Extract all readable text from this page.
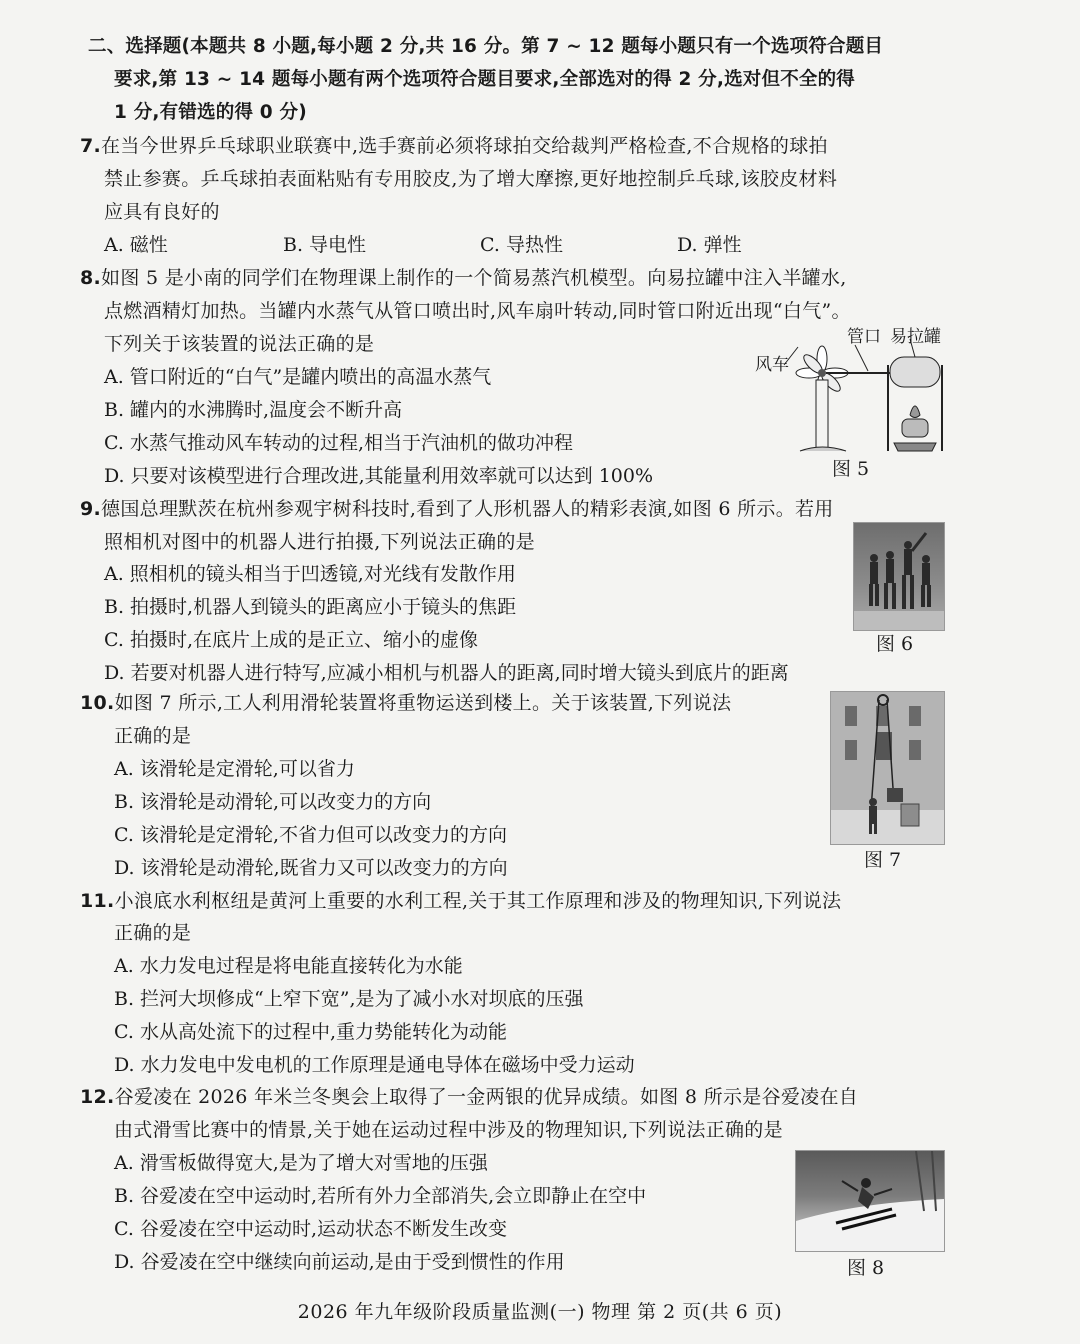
二、选择题(本题共 8 小题,每小题 2 分,共 16 分。第 7 ~ 12 题每小题只有一个选项符合题目
要求,第 13 ~ 14 题每小题有两个选项符合题目要求,全部选对的得 2 分,选对但不全的得
1 分,有错选的得 0 分)
7.在当今世界乒乓球职业联赛中,选手赛前必须将球拍交给裁判严格检查,不合规格的球拍
禁止参赛。乒乓球拍表面粘贴有专用胶皮,为了增大摩擦,更好地控制乒乓球,该胶皮材料
应具有良好的
A. 磁性	B. 导电性	C. 导热性	D. 弹性
8.如图 5 是小南的同学们在物理课上制作的一个简易蒸汽机模型。向易拉罐中注入半罐水,
点燃酒精灯加热。当罐内水蒸气从管口喷出时,风车扇叶转动,同时管口附近出现“白气”。
下列关于该装置的说法正确的是
A. 管口附近的“白气”是罐内喷出的高温水蒸气
B. 罐内的水沸腾时,温度会不断升高
C. 水蒸气推动风车转动的过程,相当于汽油机的做功冲程
D. 只要对该模型进行合理改进,其能量利用效率就可以达到 100%
风车
管口 易拉罐
图 5
9.德国总理默茨在杭州参观宇树科技时,看到了人形机器人的精彩表演,如图 6 所示。若用
照相机对图中的机器人进行拍摄,下列说法正确的是
A. 照相机的镜头相当于凹透镜,对光线有发散作用
B. 拍摄时,机器人到镜头的距离应小于镜头的焦距
C. 拍摄时,在底片上成的是正立、缩小的虚像
D. 若要对机器人进行特写,应减小相机与机器人的距离,同时增大镜头到底片的距离
图 6
10.如图 7 所示,工人利用滑轮装置将重物运送到楼上。关于该装置,下列说法
正确的是
A. 该滑轮是定滑轮,可以省力
B. 该滑轮是动滑轮,可以改变力的方向
C. 该滑轮是定滑轮,不省力但可以改变力的方向
D. 该滑轮是动滑轮,既省力又可以改变力的方向	图 7
11.小浪底水利枢纽是黄河上重要的水利工程,关于其工作原理和涉及的物理知识,下列说法
正确的是
A. 水力发电过程是将电能直接转化为水能
B. 拦河大坝修成“上窄下宽”,是为了减小水对坝底的压强
C. 水从高处流下的过程中,重力势能转化为动能
D. 水力发电中发电机的工作原理是通电导体在磁场中受力运动
12.谷爱凌在 2026 年米兰冬奥会上取得了一金两银的优异成绩。如图 8 所示是谷爱凌在自
由式滑雪比赛中的情景,关于她在运动过程中涉及的物理知识,下列说法正确的是
A. 滑雪板做得宽大,是为了增大对雪地的压强
B. 谷爱凌在空中运动时,若所有外力全部消失,会立即静止在空中
C. 谷爱凌在空中运动时,运动状态不断发生改变
D. 谷爱凌在空中继续向前运动,是由于受到惯性的作用	图 8
2026 年九年级阶段质量监测(一) 物理 第 2 页(共 6 页)
